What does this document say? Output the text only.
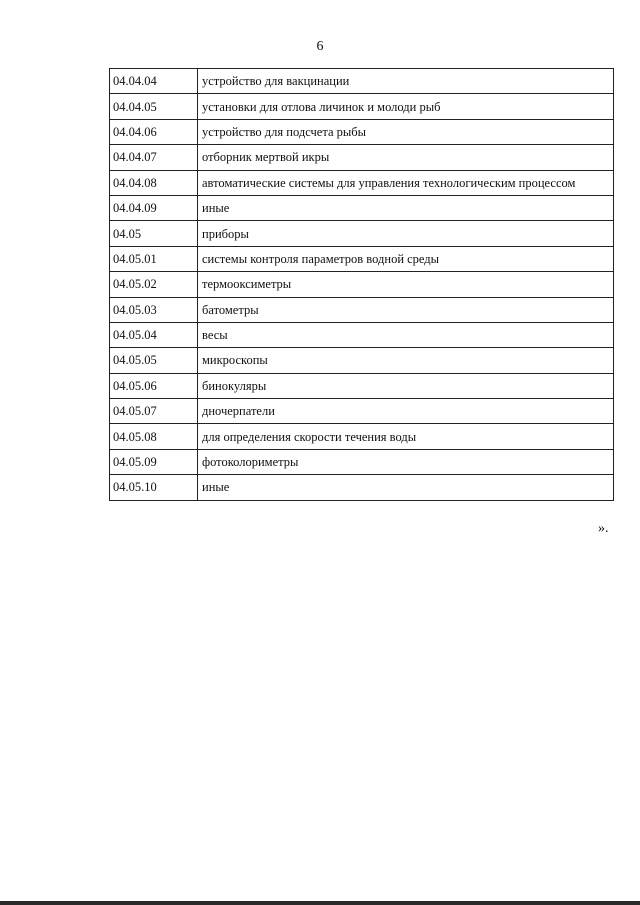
6
04.04.04	устройство для вакцинации
04.04.05	установки для отлова личинок и молоди рыб
04.04.06	устройство для подсчета рыбы
04.04.07	отборник мертвой икры
04.04.08	автоматические системы для управления технологическим процессом
04.04.09	иные
04.05	приборы
04.05.01	системы контроля параметров водной среды
04.05.02	термооксиметры
04.05.03	батометры
04.05.04	весы
04.05.05	микроскопы
04.05.06	бинокуляры
04.05.07	дночерпатели
04.05.08	для определения скорости течения воды
04.05.09	фотоколориметры
04.05.10	иные
».
